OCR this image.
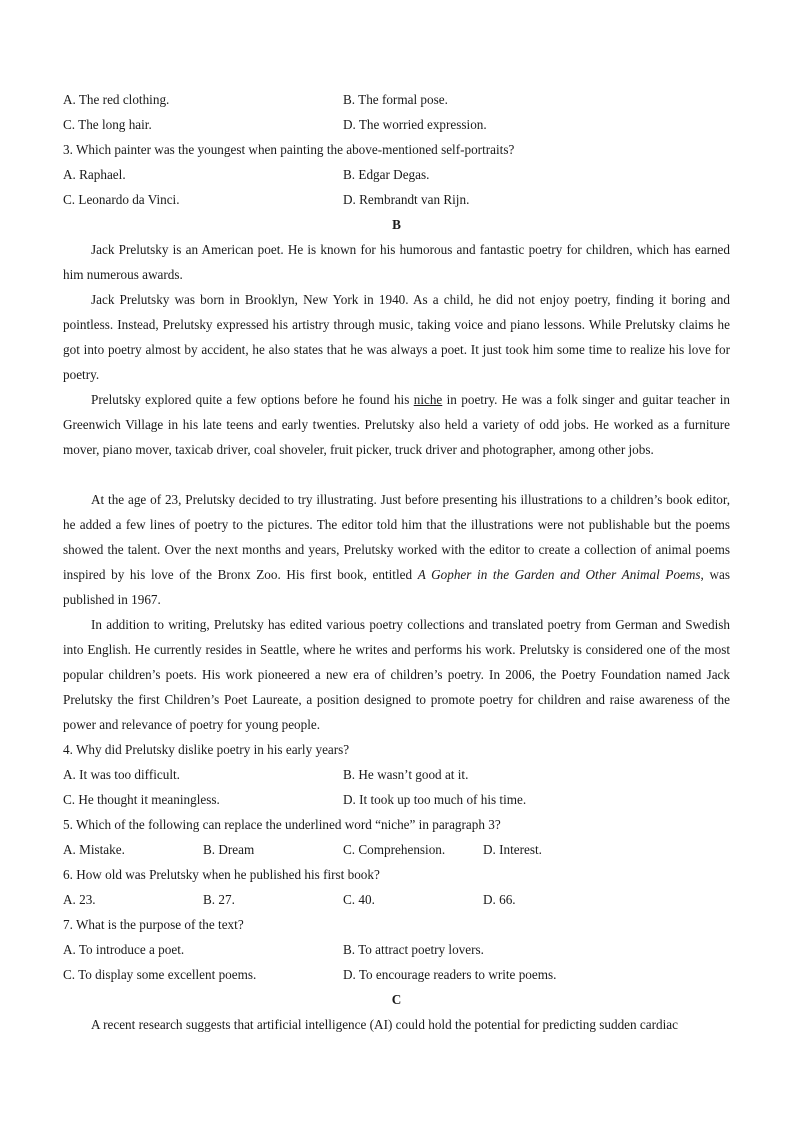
A. The red clothing.	B. The formal pose.
C. The long hair.	D. The worried expression.
3. Which painter was the youngest when painting the above-mentioned self-portraits?
A. Raphael.	B. Edgar Degas.
C. Leonardo da Vinci.	D. Rembrandt van Rijn.
B

Jack Prelutsky is an American poet. He is known for his humorous and fantastic poetry for children, which has earned him numerous awards.

Jack Prelutsky was born in Brooklyn, New York in 1940. As a child, he did not enjoy poetry, finding it boring and pointless. Instead, Prelutsky expressed his artistry through music, taking voice and piano lessons. While Prelutsky claims he got into poetry almost by accident, he also states that he was always a poet. It just took him some time to realize his love for poetry.

Prelutsky explored quite a few options before he found his niche in poetry. He was a folk singer and guitar teacher in Greenwich Village in his late teens and early twenties. Prelutsky also held a variety of odd jobs. He worked as a furniture mover, piano mover, taxicab driver, coal shoveler, fruit picker, truck driver and photographer, among other jobs.

At the age of 23, Prelutsky decided to try illustrating. Just before presenting his illustrations to a children’s book editor, he added a few lines of poetry to the pictures. The editor told him that the illustrations were not publishable but the poems showed the talent. Over the next months and years, Prelutsky worked with the editor to create a collection of animal poems inspired by his love of the Bronx Zoo. His first book, entitled A Gopher in the Garden and Other Animal Poems, was published in 1967.

In addition to writing, Prelutsky has edited various poetry collections and translated poetry from German and Swedish into English. He currently resides in Seattle, where he writes and performs his work. Prelutsky is considered one of the most popular children’s poets. His work pioneered a new era of children’s poetry. In 2006, the Poetry Foundation named Jack Prelutsky the first Children’s Poet Laureate, a position designed to promote poetry for children and raise awareness of the power and relevance of poetry for young people.

4. Why did Prelutsky dislike poetry in his early years?
A. It was too difficult.	B. He wasn’t good at it.
C. He thought it meaningless.	D. It took up too much of his time.
5. Which of the following can replace the underlined word “niche” in paragraph 3?
A. Mistake.	B. Dream	C. Comprehension.	D. Interest.
6. How old was Prelutsky when he published his first book?
A. 23.	B. 27.	C. 40.	D. 66.
7. What is the purpose of the text?
A. To introduce a poet.	B. To attract poetry lovers.
C. To display some excellent poems.	D. To encourage readers to write poems.
C

A recent research suggests that artificial intelligence (AI) could hold the potential for predicting sudden cardiac
